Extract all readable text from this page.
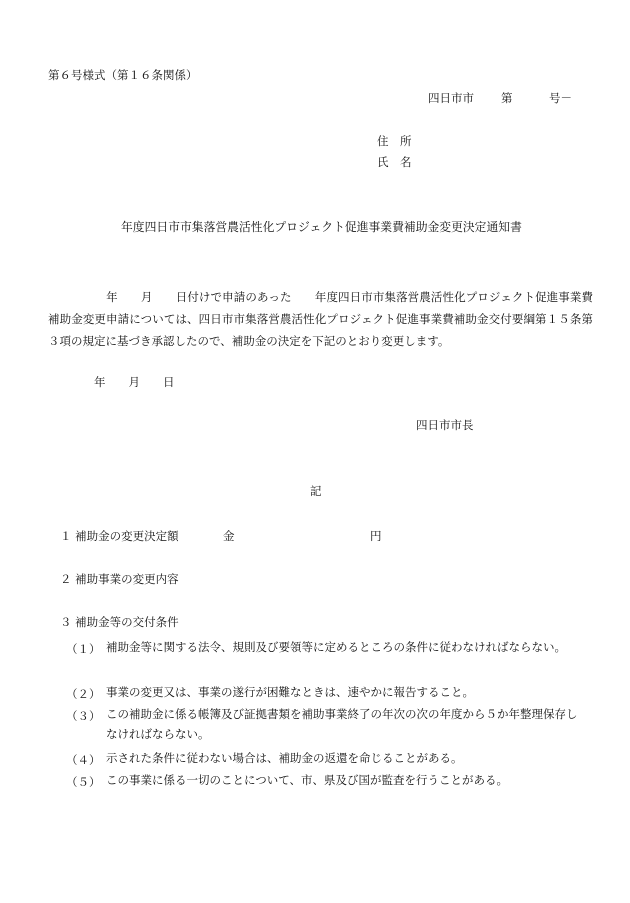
第６号様式（第１６条関係）
四日市市 第	号－
住　所
氏　名
年度四日市市集落営農活性化プロジェクト促進事業費補助金変更決定通知書
年　　月　　日付けで申請のあった　　年度四日市市集落営農活性化プロジェクト促進事業費補助金変更申請については、四日市市集落営農活性化プロジェクト促進事業費補助金交付要綱第１５条第３項の規定に基づき承認したので、補助金の決定を下記のとおり変更します。
年　　月　　日
四日市市長
記
１ 補助金の変更決定額	金	円
２ 補助事業の変更内容
３ 補助金等の交付条件
（１） 補助金等に関する法令、規則及び要領等に定めるところの条件に従わなければならない。
（２） 事業の変更又は、事業の遂行が困難なときは、速やかに報告すること。
（３） この補助金に係る帳簿及び証拠書類を補助事業終了の年次の次の年度から５か年整理保存しなければならない。
（４） 示された条件に従わない場合は、補助金の返還を命じることがある。
（５） この事業に係る一切のことについて、市、県及び国が監査を行うことがある。
